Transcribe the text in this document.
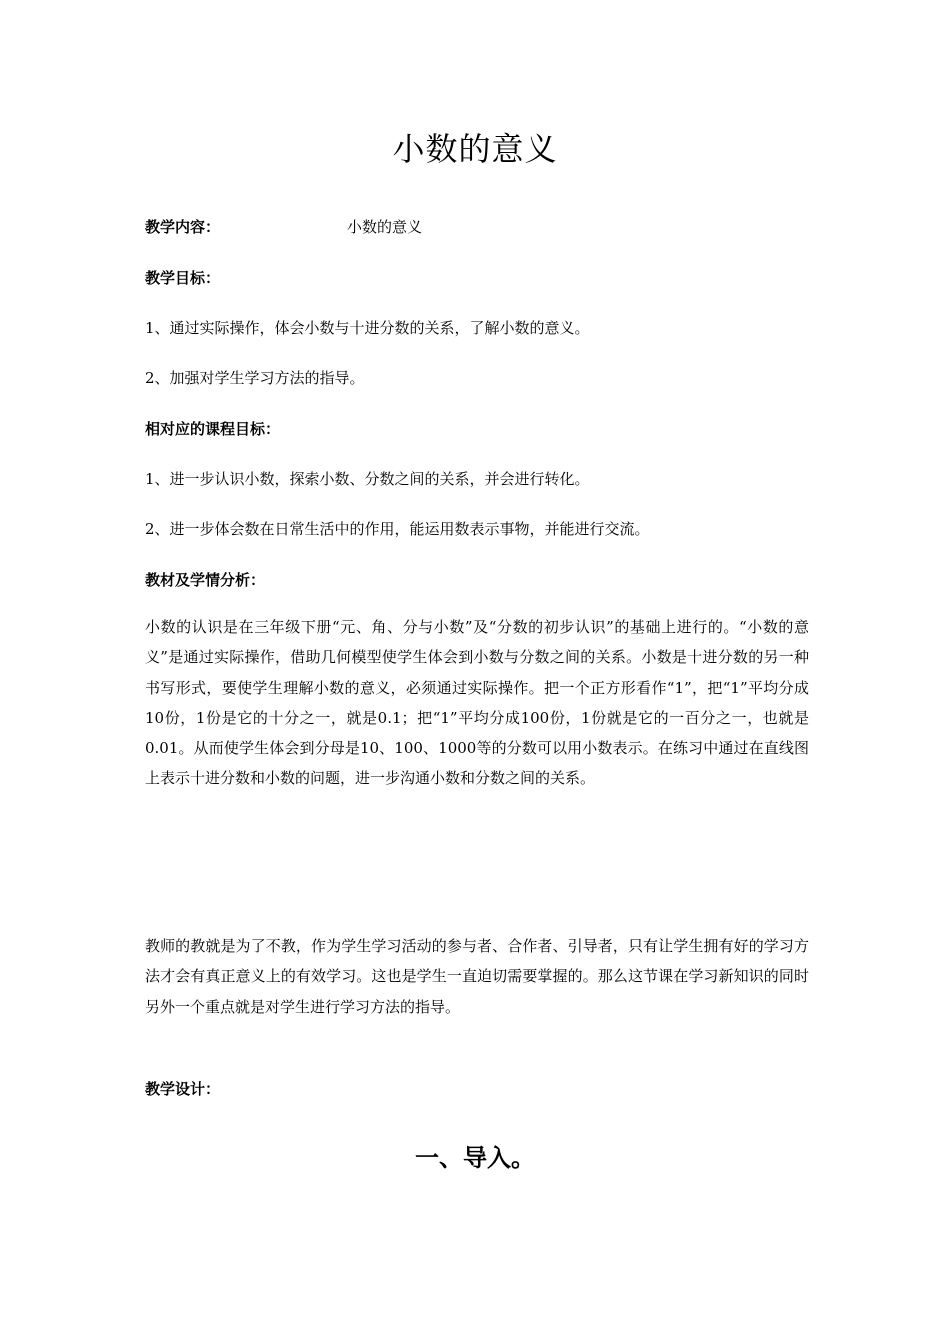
小数的意义
教学内容：	小数的意义
教学目标：
1、通过实际操作，体会小数与十进分数的关系，了解小数的意义。
2、加强对学生学习方法的指导。
相对应的课程目标：
1、进一步认识小数，探索小数、分数之间的关系，并会进行转化。
2、进一步体会数在日常生活中的作用，能运用数表示事物，并能进行交流。
教材及学情分析：
小数的认识是在三年级下册“元、角、分与小数”及“分数的初步认识”的基础上进行的。“小数的意义”是通过实际操作，借助几何模型使学生体会到小数与分数之间的关系。小数是十进分数的另一种书写形式，要使学生理解小数的意义，必须通过实际操作。把一个正方形看作“1”，把“1”平均分成10份，1份是它的十分之一，就是0.1；把“1”平均分成100份，1份就是它的一百分之一，也就是0.01。从而使学生体会到分母是10、100、1000等的分数可以用小数表示。在练习中通过在直线图上表示十进分数和小数的问题，进一步沟通小数和分数之间的关系。
教师的教就是为了不教，作为学生学习活动的参与者、合作者、引导者，只有让学生拥有好的学习方法才会有真正意义上的有效学习。这也是学生一直迫切需要掌握的。那么这节课在学习新知识的同时另外一个重点就是对学生进行学习方法的指导。
教学设计：
一、导入。
